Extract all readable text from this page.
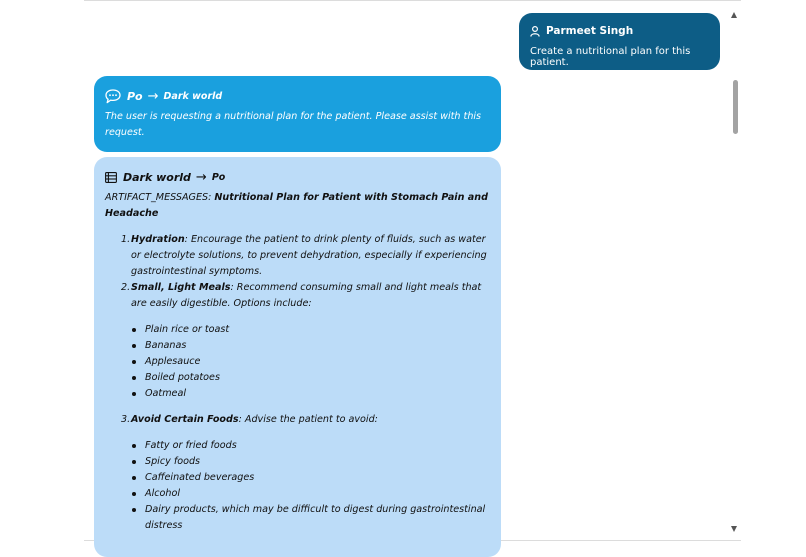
Parmeet Singh
Create a nutritional plan for this patient.
Po → Dark world
The user is requesting a nutritional plan for the patient. Please assist with this request.
Dark world → Po
ARTIFACT_MESSAGES: Nutritional Plan for Patient with Stomach Pain and Headache
1. Hydration: Encourage the patient to drink plenty of fluids, such as water or electrolyte solutions, to prevent dehydration, especially if experiencing gastrointestinal symptoms.
2. Small, Light Meals: Recommend consuming small and light meals that are easily digestible. Options include:
Plain rice or toast
Bananas
Applesauce
Boiled potatoes
Oatmeal
3. Avoid Certain Foods: Advise the patient to avoid:
Fatty or fried foods
Spicy foods
Caffeinated beverages
Alcohol
Dairy products, which may be difficult to digest during gastrointestinal distress
